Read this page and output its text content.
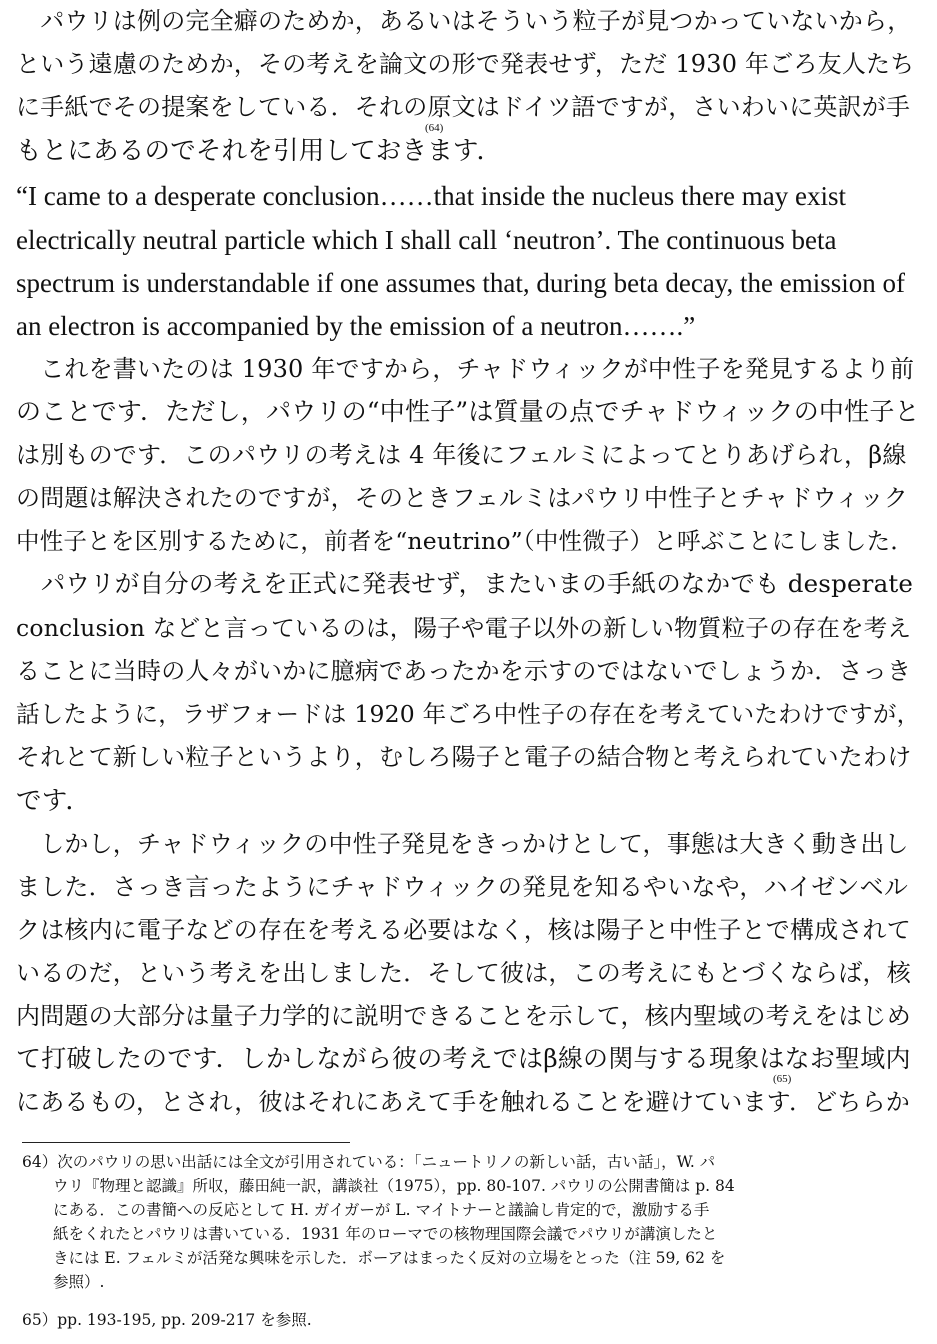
　パウリは例の完全癖のためか，あるいはそういう粒子が見つかっていないから，
という遠慮のためか，その考えを論文の形で発表せず，ただ 1930 年ごろ友人たち
に手紙でその提案をしている．それの原文はドイツ語ですが，さいわいに英訳が手
もとにあるのでそれを引用しておきます．
(64)
“I came to a desperate conclusion……that inside the nucleus there may exist
electrically neutral particle which I shall call ‘neutron’. The continuous beta
spectrum is understandable if one assumes that, during beta decay, the emission of
an electron is accompanied by the emission of a neutron…….”
　これを書いたのは 1930 年ですから，チャドウィックが中性子を発見するより前
のことです．ただし，パウリの“中性子”は質量の点でチャドウィックの中性子と
は別ものです．このパウリの考えは 4 年後にフェルミによってとりあげられ，β線
の問題は解決されたのですが，そのときフェルミはパウリ中性子とチャドウィック
中性子とを区別するために，前者を“neutrino”（中性微子）と呼ぶことにしました．
　パウリが自分の考えを正式に発表せず，またいまの手紙のなかでも desperate
conclusion などと言っているのは，陽子や電子以外の新しい物質粒子の存在を考え
ることに当時の人々がいかに臆病であったかを示すのではないでしょうか．さっき
話したように，ラザフォードは 1920 年ごろ中性子の存在を考えていたわけですが，
それとて新しい粒子というより，むしろ陽子と電子の結合物と考えられていたわけ
です．
　しかし，チャドウィックの中性子発見をきっかけとして，事態は大きく動き出し
ました．さっき言ったようにチャドウィックの発見を知るやいなや，ハイゼンベル
クは核内に電子などの存在を考える必要はなく，核は陽子と中性子とで構成されて
いるのだ，という考えを出しました．そして彼は，この考えにもとづくならば，核
内問題の大部分は量子力学的に説明できることを示して，核内聖域の考えをはじめ
て打破したのです．しかしながら彼の考えではβ線の関与する現象はなお聖域内
にあるもの，とされ，彼はそれにあえて手を触れることを避けています．どちらか
(65)
64）次のパウリの思い出話には全文が引用されている：「ニュートリノの新しい話，古い話」，W. パ
　　ウリ『物理と認識』所収，藤田純一訳，講談社（1975），pp. 80-107. パウリの公開書簡は p. 84
　　にある．この書簡への反応として H. ガイガーが L. マイトナーと議論し肯定的で，激励する手
　　紙をくれたとパウリは書いている．1931 年のローマでの核物理国際会議でパウリが講演したと
　　きには E. フェルミが活発な興味を示した．ボーアはまったく反対の立場をとった（注 59, 62 を
　　参照）.
65）pp. 193-195, pp. 209-217 を参照.
